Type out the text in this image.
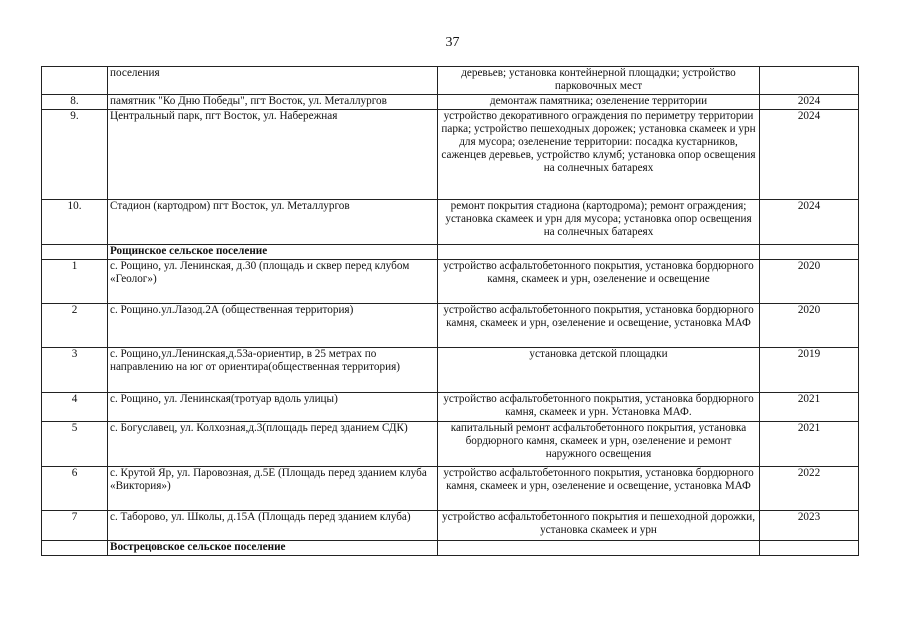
37
	поселения	деревьев; установка контейнерной площадки; устройство парковочных мест	
8.	памятник "Ко Дню Победы", пгт Восток, ул. Металлургов	демонтаж памятника; озеленение территории	2024
9.	Центральный парк, пгт Восток, ул. Набережная	устройство декоративного ограждения по периметру территории парка; устройство пешеходных дорожек; установка скамеек и урн для мусора; озеленение территории: посадка кустарников, саженцев деревьев, устройство клумб; установка опор освещения на солнечных батареях	2024
10.	Стадион (картодром) пгт Восток, ул. Металлургов	ремонт покрытия стадиона (картодрома); ремонт ограждения; установка скамеек и урн для мусора; установка опор освещения на солнечных батареях	2024
	Рощинское сельское поселение		
1	с. Рощино, ул. Ленинская, д.30 (площадь и сквер перед клубом «Геолог»)	устройство асфальтобетонного покрытия, установка бордюрного камня, скамеек и урн, озеленение и освещение	2020
2	с. Рощино.ул.Лазод.2А (общественная территория)	устройство асфальтобетонного покрытия, установка бордюрного камня, скамеек и урн, озеленение и освещение, установка МАФ	2020
3	с. Рощино,ул.Ленинская,д.53а-ориентир, в 25 метрах по направлению на юг от ориентира(общественная территория)	установка детской площадки	2019
4	с. Рощино, ул. Ленинская(тротуар вдоль улицы)	устройство асфальтобетонного покрытия, установка бордюрного камня, скамеек и урн. Установка МАФ.	2021
5	с. Богуславец, ул. Колхозная,д.3(площадь перед зданием СДК)	капитальный ремонт асфальтобетонного покрытия, установка бордюрного камня, скамеек и урн, озеленение и ремонт наружного освещения	2021
6	с. Крутой Яр, ул. Паровозная, д.5Е (Площадь перед зданием клуба «Виктория»)	устройство асфальтобетонного покрытия, установка бордюрного камня, скамеек и урн, озеленение и освещение, установка МАФ	2022
7	с. Таборово, ул. Школы, д.15А (Площадь перед зданием клуба)	устройство асфальтобетонного покрытия и пешеходной дорожки, установка скамеек и урн	2023
	Вострецовское сельское поселение		
